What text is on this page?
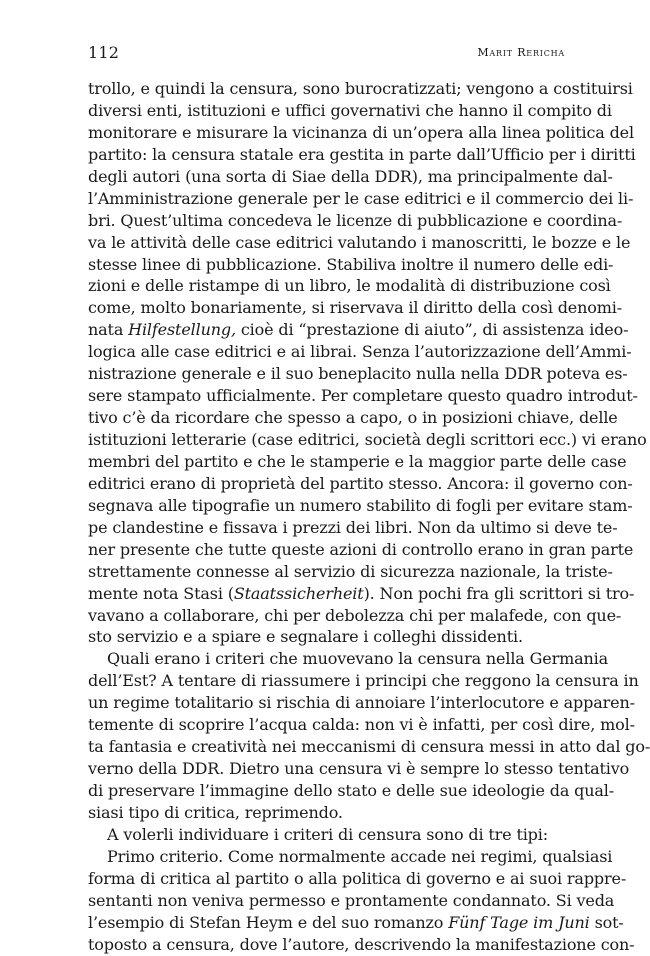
112	Marit Rericha
trollo, e quindi la censura, sono burocratizzati; vengono a costituirsi
diversi enti, istituzioni e uffici governativi che hanno il compito di
monitorare e misurare la vicinanza di un’opera alla linea politica del
partito: la censura statale era gestita in parte dall’Ufficio per i diritti
degli autori (una sorta di Siae della DDR), ma principalmente dal-
l’Amministrazione generale per le case editrici e il commercio dei li-
bri. Quest’ultima concedeva le licenze di pubblicazione e coordina-
va le attività delle case editrici valutando i manoscritti, le bozze e le
stesse linee di pubblicazione. Stabiliva inoltre il numero delle edi-
zioni e delle ristampe di un libro, le modalità di distribuzione così
come, molto bonariamente, si riservava il diritto della così denomi-
nata Hilfestellung, cioè di “prestazione di aiuto”, di assistenza ideo-
logica alle case editrici e ai librai. Senza l’autorizzazione dell’Ammi-
nistrazione generale e il suo beneplacito nulla nella DDR poteva es-
sere stampato ufficialmente. Per completare questo quadro introdut-
tivo c’è da ricordare che spesso a capo, o in posizioni chiave, delle
istituzioni letterarie (case editrici, società degli scrittori ecc.) vi erano
membri del partito e che le stamperie e la maggior parte delle case
editrici erano di proprietà del partito stesso. Ancora: il governo con-
segnava alle tipografie un numero stabilito di fogli per evitare stam-
pe clandestine e fissava i prezzi dei libri. Non da ultimo si deve te-
ner presente che tutte queste azioni di controllo erano in gran parte
strettamente connesse al servizio di sicurezza nazionale, la triste-
mente nota Stasi (Staatssicherheit). Non pochi fra gli scrittori si tro-
vavano a collaborare, chi per debolezza chi per malafede, con que-
sto servizio e a spiare e segnalare i colleghi dissidenti.
Quali erano i criteri che muovevano la censura nella Germania
dell’Est? A tentare di riassumere i principi che reggono la censura in
un regime totalitario si rischia di annoiare l’interlocutore e apparen-
temente di scoprire l’acqua calda: non vi è infatti, per così dire, mol-
ta fantasia e creatività nei meccanismi di censura messi in atto dal go-
verno della DDR. Dietro una censura vi è sempre lo stesso tentativo
di preservare l’immagine dello stato e delle sue ideologie da qual-
siasi tipo di critica, reprimendo.
A volerli individuare i criteri di censura sono di tre tipi:
Primo criterio. Come normalmente accade nei regimi, qualsiasi
forma di critica al partito o alla politica di governo e ai suoi rappre-
sentanti non veniva permesso e prontamente condannato. Si veda
l’esempio di Stefan Heym e del suo romanzo Fünf Tage im Juni sot-
toposto a censura, dove l’autore, descrivendo la manifestazione con-
